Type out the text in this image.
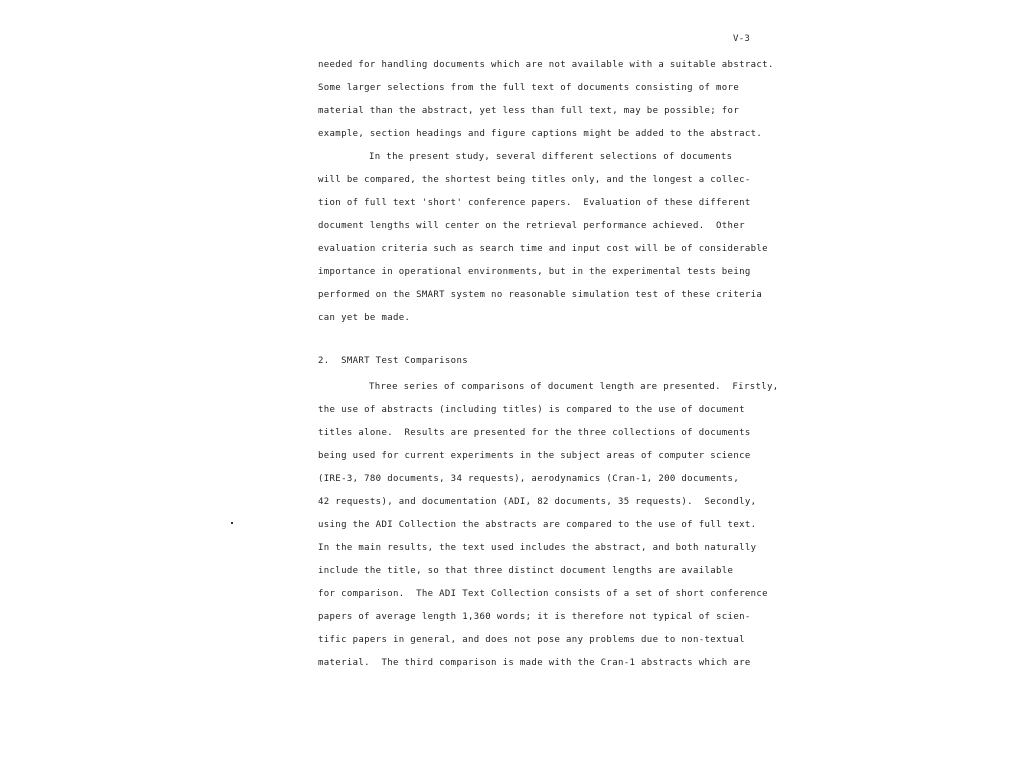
V-3
needed for handling documents which are not available with a suitable abstract.
Some larger selections from the full text of documents consisting of more
material than the abstract, yet less than full text, may be possible; for
example, section headings and figure captions might be added to the abstract.
In the present study, several different selections of documents
will be compared, the shortest being titles only, and the longest a collec-
tion of full text 'short' conference papers.  Evaluation of these different
document lengths will center on the retrieval performance achieved.  Other
evaluation criteria such as search time and input cost will be of considerable
importance in operational environments, but in the experimental tests being
performed on the SMART system no reasonable simulation test of these criteria
can yet be made.
2.  SMART Test Comparisons
Three series of comparisons of document length are presented.  Firstly,
the use of abstracts (including titles) is compared to the use of document
titles alone.  Results are presented for the three collections of documents
being used for current experiments in the subject areas of computer science
(IRE-3, 780 documents, 34 requests), aerodynamics (Cran-1, 200 documents,
42 requests), and documentation (ADI, 82 documents, 35 requests).  Secondly,
using the ADI Collection the abstracts are compared to the use of full text.
In the main results, the text used includes the abstract, and both naturally
include the title, so that three distinct document lengths are available
for comparison.  The ADI Text Collection consists of a set of short conference
papers of average length 1,360 words; it is therefore not typical of scien-
tific papers in general, and does not pose any problems due to non-textual
material.  The third comparison is made with the Cran-1 abstracts which are
